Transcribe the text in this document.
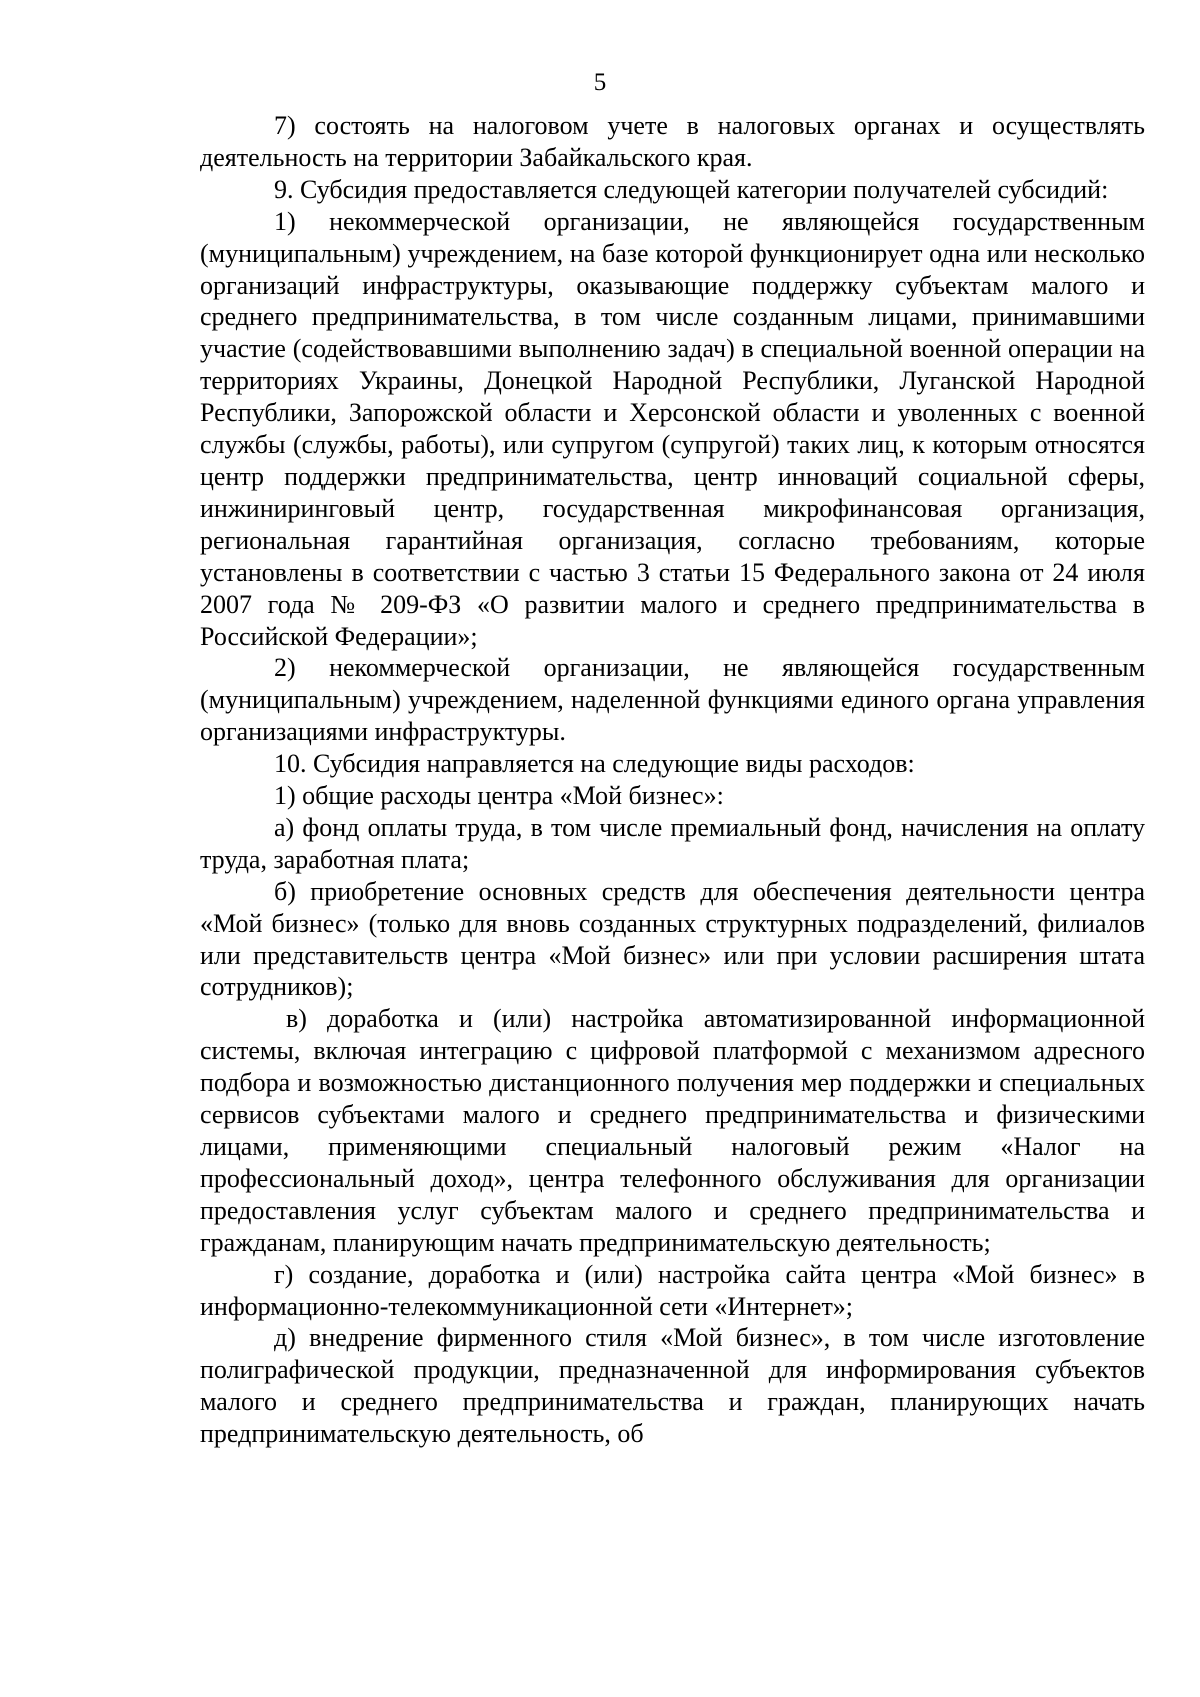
5

7) состоять на налоговом учете в налоговых органах и осуществлять деятельность на территории Забайкальского края.

9. Субсидия предоставляется следующей категории получателей субсидий:

1) некоммерческой организации, не являющейся государственным (муниципальным) учреждением, на базе которой функционирует одна или несколько организаций инфраструктуры, оказывающие поддержку субъектам малого и среднего предпринимательства, в том числе созданным лицами, принимавшими участие (содействовавшими выполнению задач) в специальной военной операции на территориях Украины, Донецкой Народной Республики, Луганской Народной Республики, Запорожской области и Херсонской области и уволенных с военной службы (службы, работы), или супругом (супругой) таких лиц, к которым относятся центр поддержки предпринимательства, центр инноваций социальной сферы, инжиниринговый центр, государственная микрофинансовая организация, региональная гарантийная организация, согласно требованиям, которые установлены в соответствии с частью 3 статьи 15 Федерального закона от 24 июля 2007 года № 209-ФЗ «О развитии малого и среднего предпринимательства в Российской Федерации»;

2) некоммерческой организации, не являющейся государственным (муниципальным) учреждением, наделенной функциями единого органа управления организациями инфраструктуры.

10. Субсидия направляется на следующие виды расходов:

1) общие расходы центра «Мой бизнес»:

а) фонд оплаты труда, в том числе премиальный фонд, начисления на оплату труда, заработная плата;

б) приобретение основных средств для обеспечения деятельности центра «Мой бизнес» (только для вновь созданных структурных подразделений, филиалов или представительств центра «Мой бизнес» или при условии расширения штата сотрудников);

в) доработка и (или) настройка автоматизированной информационной системы, включая интеграцию с цифровой платформой с механизмом адресного подбора и возможностью дистанционного получения мер поддержки и специальных сервисов субъектами малого и среднего предпринимательства и физическими лицами, применяющими специальный налоговый режим «Налог на профессиональный доход», центра телефонного обслуживания для организации предоставления услуг субъектам малого и среднего предпринимательства и гражданам, планирующим начать предпринимательскую деятельность;

г) создание, доработка и (или) настройка сайта центра «Мой бизнес» в информационно-телекоммуникационной сети «Интернет»;

д) внедрение фирменного стиля «Мой бизнес», в том числе изготовление полиграфической продукции, предназначенной для информирования субъектов малого и среднего предпринимательства и граждан, планирующих начать предпринимательскую деятельность, об
